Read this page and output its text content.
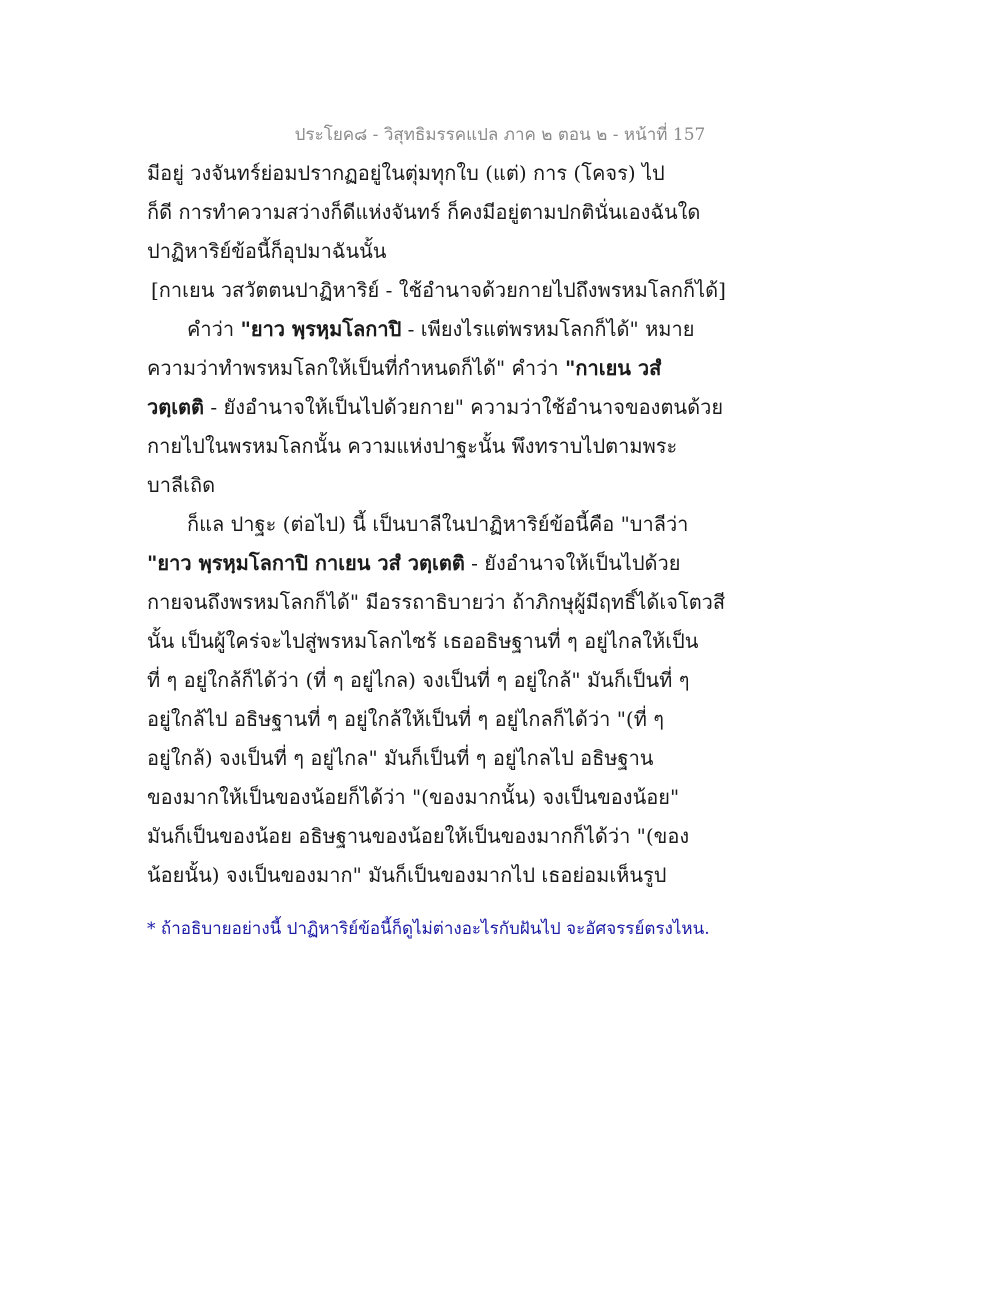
ประโยค๘ - วิสุทธิมรรคแปล ภาค ๒ ตอน ๒ - หน้าที่ 157
มีอยู่ วงจันทร์ย่อมปรากฏอยู่ในตุ่มทุกใบ (แต่) การ (โคจร) ไป
ก็ดี การทำความสว่างก็ดีแห่งจันทร์ ก็คงมีอยู่ตามปกตินั่นเองฉันใด
ปาฏิหาริย์ข้อนี้ก็อุปมาฉันนั้น
[กาเยน วสวัตตนปาฏิหาริย์ - ใช้อำนาจด้วยกายไปถึงพรหมโลกก็ได้]
คำว่า "ยาว พฺรหฺมโลกาปิ - เพียงไรแต่พรหมโลกก็ได้" หมาย
ความว่าทำพรหมโลกให้เป็นที่กำหนดก็ได้" คำว่า "กาเยน วสํ
วตฺเตติ - ยังอำนาจให้เป็นไปด้วยกาย" ความว่าใช้อำนาจของตนด้วย
กายไปในพรหมโลกนั้น ความแห่งปาฐะนั้น พึงทราบไปตามพระ
บาลีเถิด
ก็แล ปาฐะ (ต่อไป) นี้ เป็นบาลีในปาฏิหาริย์ข้อนี้คือ "บาลีว่า
"ยาว พฺรหฺมโลกาปิ กาเยน วสํ วตฺเตติ - ยังอำนาจให้เป็นไปด้วย
กายจนถึงพรหมโลกก็ได้" มีอรรถาธิบายว่า ถ้าภิกษุผู้มีฤทธิ์ได้เจโตวสี
นั้น เป็นผู้ใคร่จะไปสู่พรหมโลกไซร้ เธออธิษฐานที่ ๆ อยู่ไกลให้เป็น
ที่ ๆ อยู่ใกล้ก็ได้ว่า (ที่ ๆ อยู่ไกล) จงเป็นที่ ๆ อยู่ใกล้" มันก็เป็นที่ ๆ
อยู่ใกล้ไป อธิษฐานที่ ๆ อยู่ใกล้ให้เป็นที่ ๆ อยู่ไกลก็ได้ว่า "(ที่ ๆ
อยู่ใกล้) จงเป็นที่ ๆ อยู่ไกล" มันก็เป็นที่ ๆ อยู่ไกลไป อธิษฐาน
ของมากให้เป็นของน้อยก็ได้ว่า "(ของมากนั้น) จงเป็นของน้อย"
มันก็เป็นของน้อย อธิษฐานของน้อยให้เป็นของมากก็ได้ว่า "(ของ
น้อยนั้น) จงเป็นของมาก" มันก็เป็นของมากไป เธอย่อมเห็นรูป
* ถ้าอธิบายอย่างนี้ ปาฏิหาริย์ข้อนี้ก็ดูไม่ต่างอะไรกับฝันไป จะอัศจรรย์ตรงไหน.
